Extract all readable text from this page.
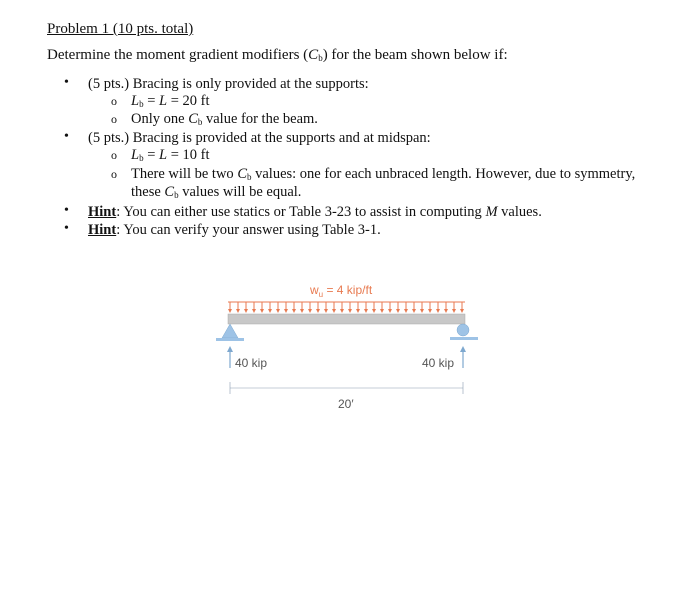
Problem 1 (10 pts. total)
Determine the moment gradient modifiers $(C_b)$ for the beam shown below if:
• (5 pts.) Bracing is only provided at the supports:
o $L_b = L = 20$ ft
o Only one $C_b$ value for the beam.
• (5 pts.) Bracing is provided at the supports and at midspan:
o $L_b = L = 10$ ft
o There will be two $C_b$ values: one for each unbraced length. However, due to symmetry,
these $C_b$ values will be equal.
• Hint: You can either use statics or Table 3-23 to assist in computing M values.
• Hint: You can verify your answer using Table 3-1.
$w_u = 4$ kip/ft
40 kip	40 kip
20′
